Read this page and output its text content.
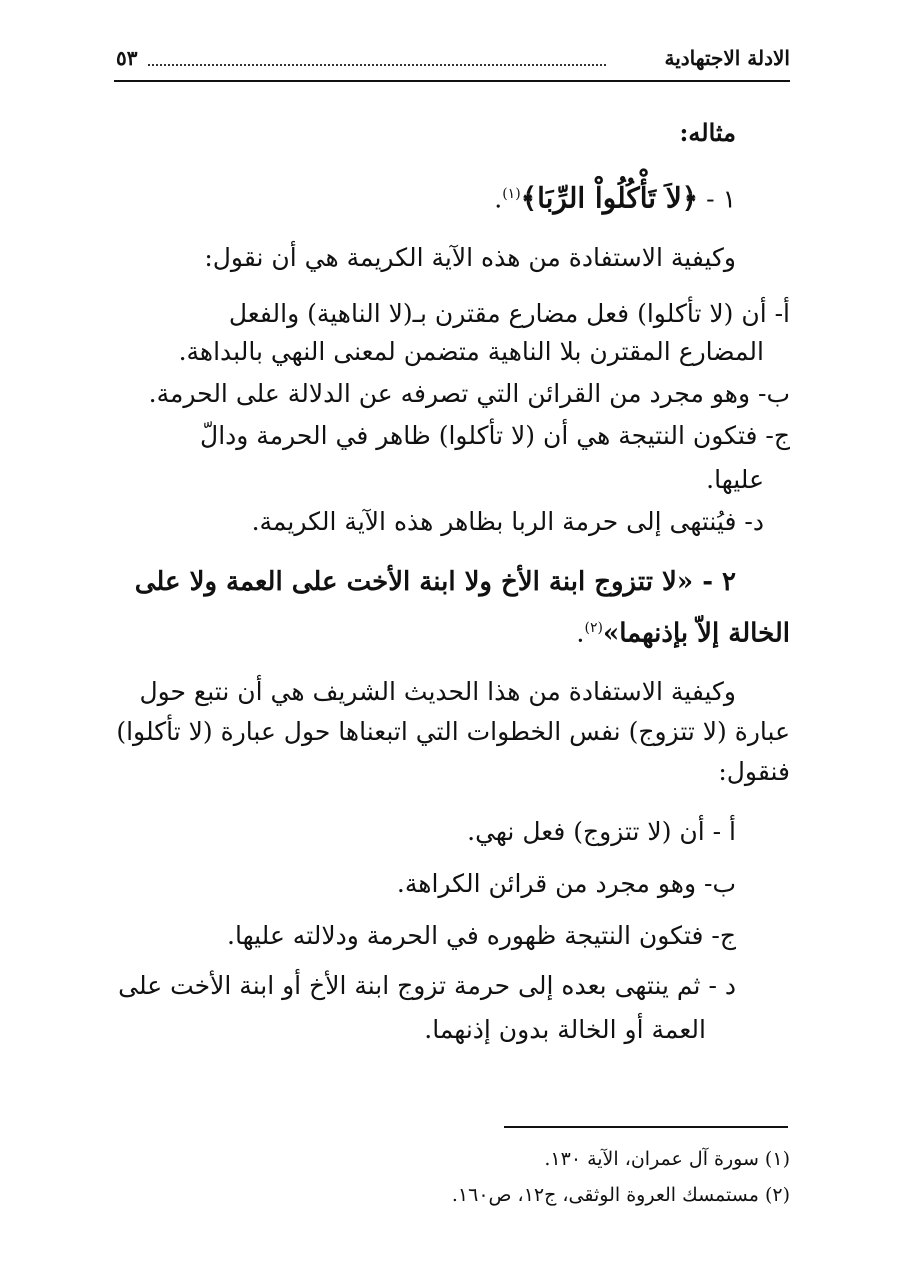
الادلة الاجتهادية
٥٣
مثاله:
١ - ﴿لاَ تَأْكُلُواْ الرِّبَا﴾$^{(١)}$.
وكيفية الاستفادة من هذه الآية الكريمة هي أن نقول:
أ- أن (لا تأكلوا) فعل مضارع مقترن بـ(لا الناهية) والفعل
المضارع المقترن بلا الناهية متضمن لمعنى النهي بالبداهة.
ب- وهو مجرد من القرائن التي تصرفه عن الدلالة على الحرمة.
ج- فتكون النتيجة هي أن (لا تأكلوا) ظاهر في الحرمة ودالّ
عليها.
د- فيُنتهى إلى حرمة الربا بظاهر هذه الآية الكريمة.
٢ - «لا تتزوج ابنة الأخ ولا ابنة الأخت على العمة ولا على
الخالة إلاّ بإذنهما»$^{(٢)}$.
وكيفية الاستفادة من هذا الحديث الشريف هي أن نتبع حول
عبارة (لا تتزوج) نفس الخطوات التي اتبعناها حول عبارة (لا تأكلوا)
فنقول:
أ - أن (لا تتزوج) فعل نهي.
ب- وهو مجرد من قرائن الكراهة.
ج- فتكون النتيجة ظهوره في الحرمة ودلالته عليها.
د - ثم ينتهى بعده إلى حرمة تزوج ابنة الأخ أو ابنة الأخت على
العمة أو الخالة بدون إذنهما.
(١) سورة آل عمران، الآية ١٣٠.
(٢) مستمسك العروة الوثقى، ج١٢، ص١٦٠.
